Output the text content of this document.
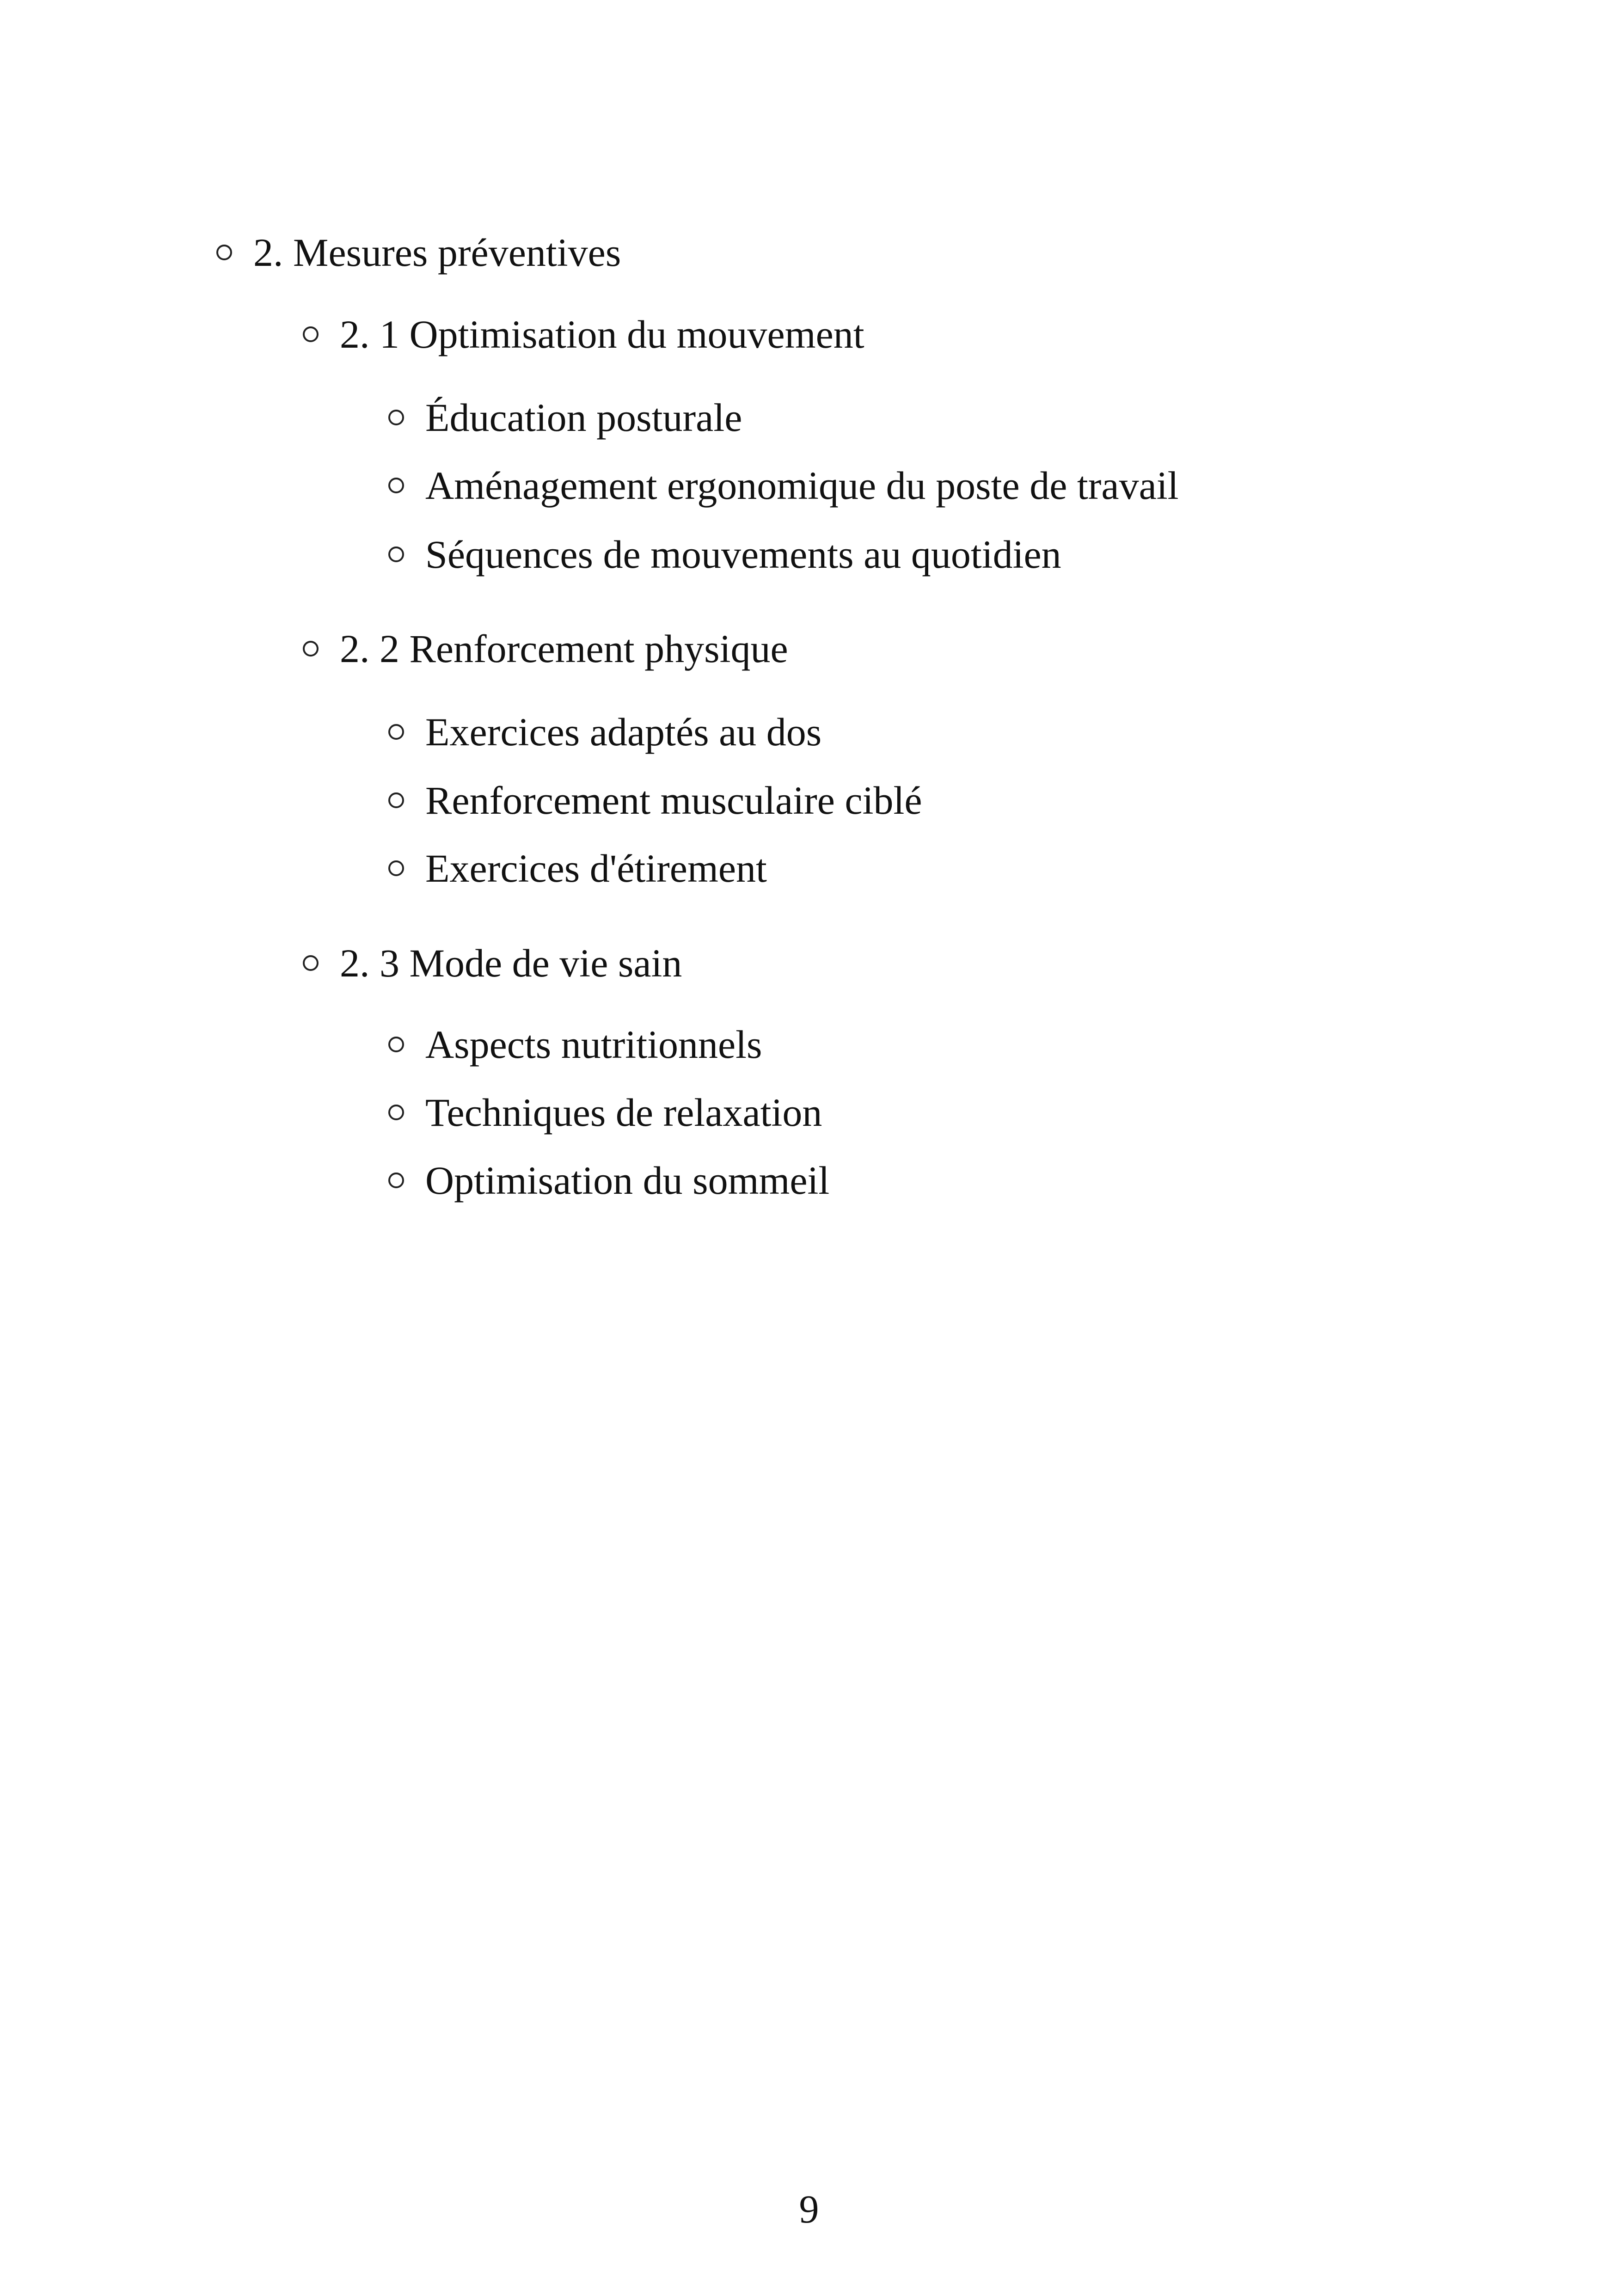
2. Mesures préventives
2. 1 Optimisation du mouvement
Éducation posturale
Aménagement ergonomique du poste de travail
Séquences de mouvements au quotidien
2. 2 Renforcement physique
Exercices adaptés au dos
Renforcement musculaire ciblé
Exercices d'étirement
2. 3 Mode de vie sain
Aspects nutritionnels
Techniques de relaxation
Optimisation du sommeil
9
